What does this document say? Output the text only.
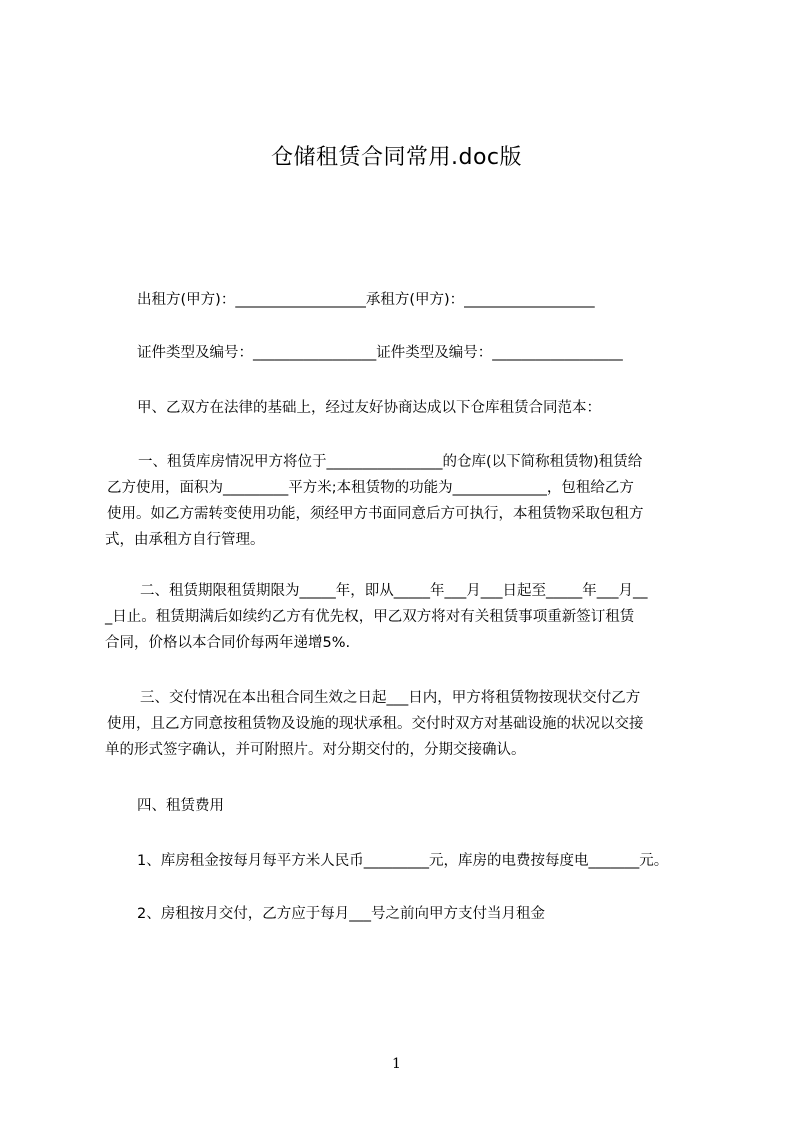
仓储租赁合同常用.doc版
出租方(甲方)：__________________承租方(甲方)：__________________
证件类型及编号：_________________证件类型及编号：__________________
甲、乙双方在法律的基础上，经过友好协商达成以下仓库租赁合同范本：
一、租赁库房情况甲方将位于________________的仓库(以下简称租赁物)租赁给
乙方使用，面积为_________平方米;本租赁物的功能为_____________，包租给乙方
使用。如乙方需转变使用功能，须经甲方书面同意后方可执行，本租赁物采取包租方
式，由承租方自行管理。
二、租赁期限租赁期限为_____年，即从_____年___月___日起至_____年___月__
_日止。租赁期满后如续约乙方有优先权，甲乙双方将对有关租赁事项重新签订租赁
合同，价格以本合同价每两年递增5%.
三、交付情况在本出租合同生效之日起___日内，甲方将租赁物按现状交付乙方
使用，且乙方同意按租赁物及设施的现状承租。交付时双方对基础设施的状况以交接
单的形式签字确认，并可附照片。对分期交付的，分期交接确认。
四、租赁费用
1、库房租金按每月每平方米人民币_________元，库房的电费按每度电_______元。
2、房租按月交付，乙方应于每月___号之前向甲方支付当月租金
1
